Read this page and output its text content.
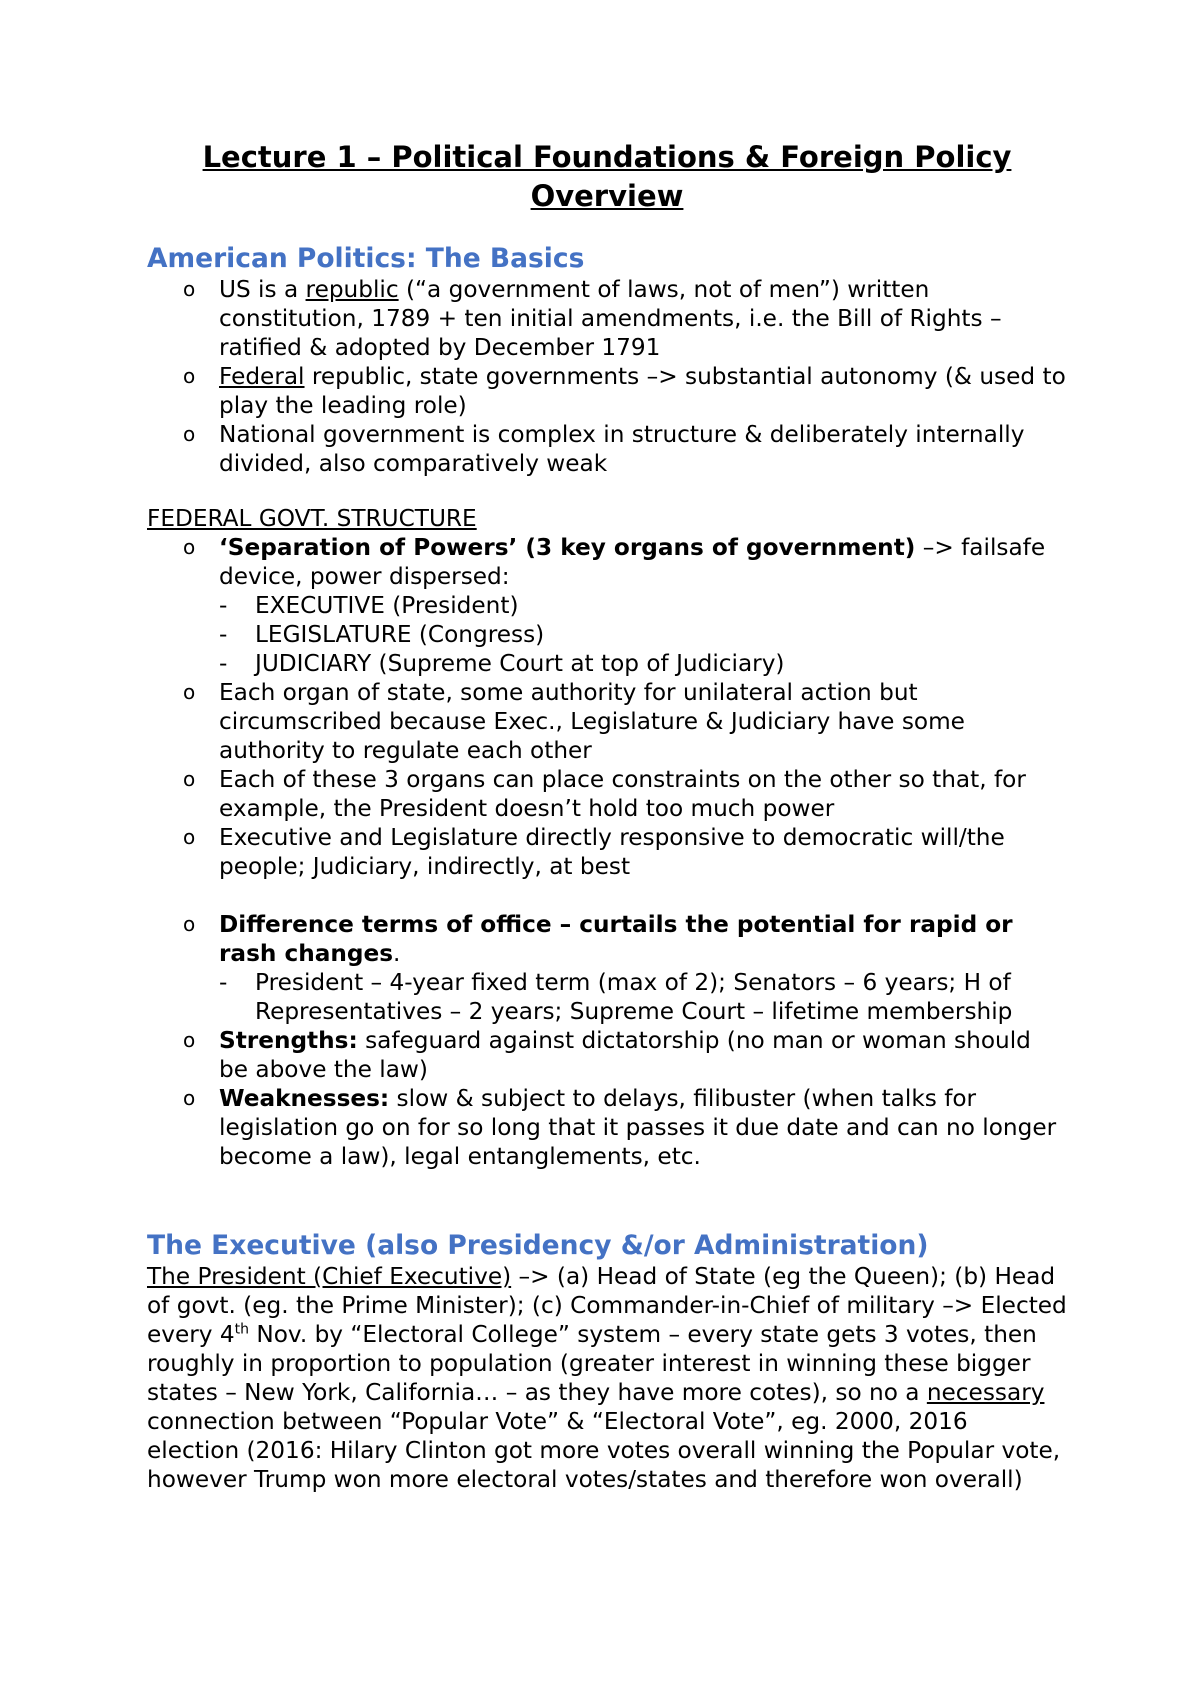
Lecture 1 – Political Foundations & Foreign Policy Overview
American Politics: The Basics
o US is a republic (“a government of laws, not of men”) written constitution, 1789 + ten initial amendments, i.e. the Bill of Rights – ratified & adopted by December 1791
o Federal republic, state governments –> substantial autonomy (& used to play the leading role)
o National government is complex in structure & deliberately internally divided, also comparatively weak

FEDERAL GOVT. STRUCTURE

o ‘Separation of Powers’ (3 key organs of government) –> failsafe device, power dispersed:
- EXECUTIVE (President)
- LEGISLATURE (Congress)
- JUDICIARY (Supreme Court at top of Judiciary)
o Each organ of state, some authority for unilateral action but circumscribed because Exec., Legislature & Judiciary have some authority to regulate each other
o Each of these 3 organs can place constraints on the other so that, for example, the President doesn’t hold too much power
o Executive and Legislature directly responsive to democratic will/the people; Judiciary, indirectly, at best
o Difference terms of office – curtails the potential for rapid or rash changes.
- President – 4-year fixed term (max of 2); Senators – 6 years; H of Representatives – 2 years; Supreme Court – lifetime membership
o Strengths: safeguard against dictatorship (no man or woman should be above the law)
o Weaknesses: slow & subject to delays, filibuster (when talks for legislation go on for so long that it passes it due date and can no longer become a law), legal entanglements, etc.
The Executive (also Presidency &/or Administration)

The President (Chief Executive) –> (a) Head of State (eg the Queen); (b) Head of govt. (eg. the Prime Minister); (c) Commander-in-Chief of military –> Elected every 4th Nov. by “Electoral College” system – every state gets 3 votes, then roughly in proportion to population (greater interest in winning these bigger states – New York, California… – as they have more cotes), so no a necessary connection between “Popular Vote” & “Electoral Vote”, eg. 2000, 2016 election (2016: Hilary Clinton got more votes overall winning the Popular vote, however Trump won more electoral votes/states and therefore won overall)
